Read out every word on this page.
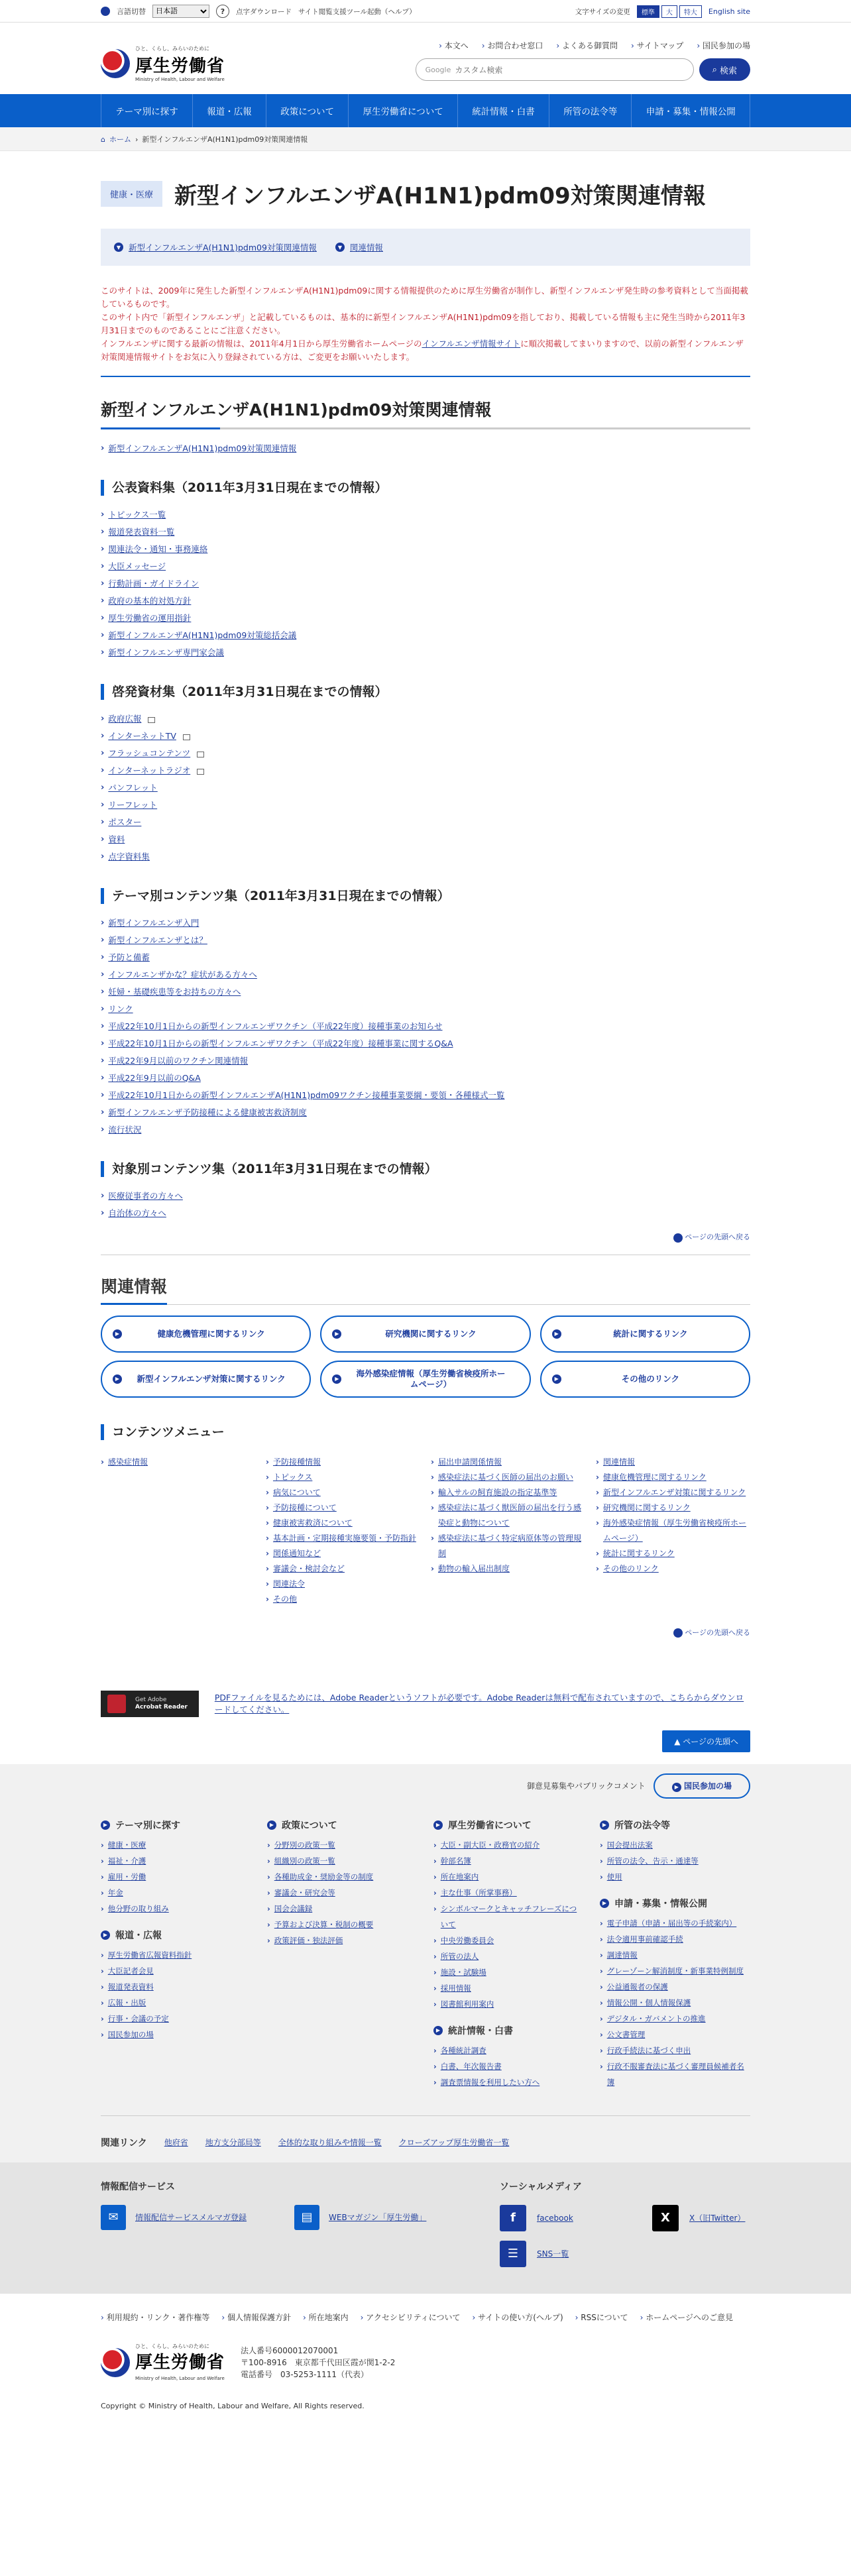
言語切替
日本語	?	点字ダウンロード サイト閲覧支援ツール起動（ヘルプ）	文字サイズの変更	標準	大	特大	English site
ひと、くらし、みらいのために
厚生労働省
Ministry of Health, Labour and Welfare
› 本文へ	› お問合わせ窓口	› よくある御質問	› サイトマップ	› 国民参加の場
Google カスタム検索	⌕ 検索
テーマ別に探す	報道・広報	政策について	厚生労働省について	統計情報・白書	所管の法令等	申請・募集・情報公開
⌂ ホーム › 新型インフルエンザA(H1N1)pdm09対策関連情報
健康・医療 新型インフルエンザA(H1N1)pdm09対策関連情報
▼ 新型インフルエンザA(H1N1)pdm09対策関連情報	▼ 関連情報
このサイトは、2009年に発生した新型インフルエンザA(H1N1)pdm09に関する情報提供のために厚生労働省が制作し、新型インフルエンザ発生時の参考資料として当面掲載しているものです。
このサイト内で「新型インフルエンザ」と記載しているものは、基本的に新型インフルエンザA(H1N1)pdm09を指しており、掲載している情報も主に発生当時から2011年3月31日までのものであることにご注意ください。
インフルエンザに関する最新の情報は、2011年4月1日から厚生労働省ホームページのインフルエンザ情報サイトに順次掲載してまいりますので、以前の新型インフルエンザ対策関連情報サイトをお気に入り登録されている方は、ご変更をお願いいたします。
新型インフルエンザA(H1N1)pdm09対策関連情報
› 新型インフルエンザA(H1N1)pdm09対策関連情報
公表資料集（2011年3月31日現在までの情報）
› トピックス一覧
› 報道発表資料一覧
› 関連法令・通知・事務連絡
› 大臣メッセージ
› 行動計画・ガイドライン
› 政府の基本的対処方針
› 厚生労働省の運用指針
› 新型インフルエンザA(H1N1)pdm09対策総括会議
› 新型インフルエンザ専門家会議
啓発資材集（2011年3月31日現在までの情報）
› 政府広報
› インターネットTV
› フラッシュコンテンツ
› インターネットラジオ
› パンフレット
› リーフレット
› ポスター
› 資料
› 点字資料集
テーマ別コンテンツ集（2011年3月31日現在までの情報）
› 新型インフルエンザ入門
› 新型インフルエンザとは？
› 予防と備蓄
› インフルエンザかな？症状がある方々へ
› 妊婦・基礎疾患等をお持ちの方々へ
› リンク
› 平成22年10月1日からの新型インフルエンザワクチン（平成22年度）接種事業のお知らせ
› 平成22年10月1日からの新型インフルエンザワクチン（平成22年度）接種事業に関するQ&A
› 平成22年9月以前のワクチン関連情報
› 平成22年9月以前のQ&A
› 平成22年10月1日からの新型インフルエンザA(H1N1)pdm09ワクチン接種事業要綱・要領・各種様式一覧
› 新型インフルエンザ予防接種による健康被害救済制度
› 流行状況
対象別コンテンツ集（2011年3月31日現在までの情報）
› 医療従事者の方々へ
› 自治体の方々へ
▲ ページの先頭へ戻る
関連情報
▶	健康危機管理に関するリンク	▶	研究機関に関するリンク	▶	統計に関するリンク
▶	新型インフルエンザ対策に関するリンク	▶
海外感染症情報（厚生労働省検疫所ホームページ）
▶	その他のリンク
コンテンツメニュー
› 感染症情報	› 予防接種情報
› トピックス
› 病気について
› 予防接種について
› 健康被害救済について
› 基本計画・定期接種実施要領・予防指針
› 関係通知など
› 審議会・検討会など
› 関連法令
› その他
› 届出申請関係情報
› 感染症法に基づく医師の届出のお願い
› 輸入サルの飼育施設の指定基準等
› 感染症法に基づく獣医師の届出を行う感染症と動物について
› 感染症法に基づく特定病原体等の管理規制
› 動物の輸入届出制度
› 関連情報
› 健康危機管理に関するリンク
› 新型インフルエンザ対策に関するリンク
› 研究機関に関するリンク
› 海外感染症情報（厚生労働省検疫所ホームページ）
› 統計に関するリンク
› その他のリンク
▲ ページの先頭へ戻る
Get Adobe
Acrobat Reader
PDFファイルを見るためには、Adobe Readerというソフトが必要です。Adobe Readerは無料で配布されていますので、こちらからダウンロードしてください。
▲ ページの先頭へ
御意見募集やパブリックコメント	▶ 国民参加の場
▶ テーマ別に探す
› 健康・医療
› 福祉・介護
› 雇用・労働
› 年金
› 他分野の取り組み
▶ 報道・広報
› 厚生労働省広報資料指針
› 大臣記者会見
› 報道発表資料
› 広報・出版
› 行事・会議の予定
› 国民参加の場
▶ 政策について
› 分野別の政策一覧
› 組織別の政策一覧
› 各種助成金・奨励金等の制度
› 審議会・研究会等
› 国会会議録
› 予算および決算・税制の概要
› 政策評価・独法評価
▶ 厚生労働省について
› 大臣・副大臣・政務官の紹介
› 幹部名簿
› 所在地案内
› 主な仕事（所掌事務）
› シンボルマークとキャッチフレーズについて
› 中央労働委員会
› 所管の法人
› 施設・試験場
› 採用情報
› 図書館利用案内
▶ 統計情報・白書
› 各種統計調査
› 白書、年次報告書
› 調査票情報を利用したい方へ
▶ 所管の法令等
› 国会提出法案
› 所管の法令、告示・通達等
› 使用
▶ 申請・募集・情報公開
› 電子申請（申請・届出等の手続案内）
› 法令適用事前確認手続
› 調達情報
› グレーゾーン解消制度・新事業特例制度
› 公益通報者の保護
› 情報公開・個人情報保護
› デジタル・ガバメントの推進
› 公文書管理
› 行政手続法に基づく申出
› 行政不服審査法に基づく審理員候補者名簿
関連リンク 他府省 地方支分部局等 全体的な取り組みや情報一覧 クローズアップ厚生労働省一覧
情報配信サービス
✉	情報配信サービスメルマガ登録	▤	WEBマガジン「厚生労働」
ソーシャルメディア
f	facebook	X	X（旧Twitter）
☰	SNS一覧
› 利用規約・リンク・著作権等	› 個人情報保護方針	› 所在地案内	› アクセシビリティについて	› サイトの使い方(ヘルプ)	› RSSについて	› ホームページへのご意見
ひと、くらし、みらいのために
厚生労働省
Ministry of Health, Labour and Welfare
法人番号6000012070001
〒100-8916　東京都千代田区霞が関1-2-2
電話番号　03-5253-1111（代表）
Copyright © Ministry of Health, Labour and Welfare, All Rights reserved.
